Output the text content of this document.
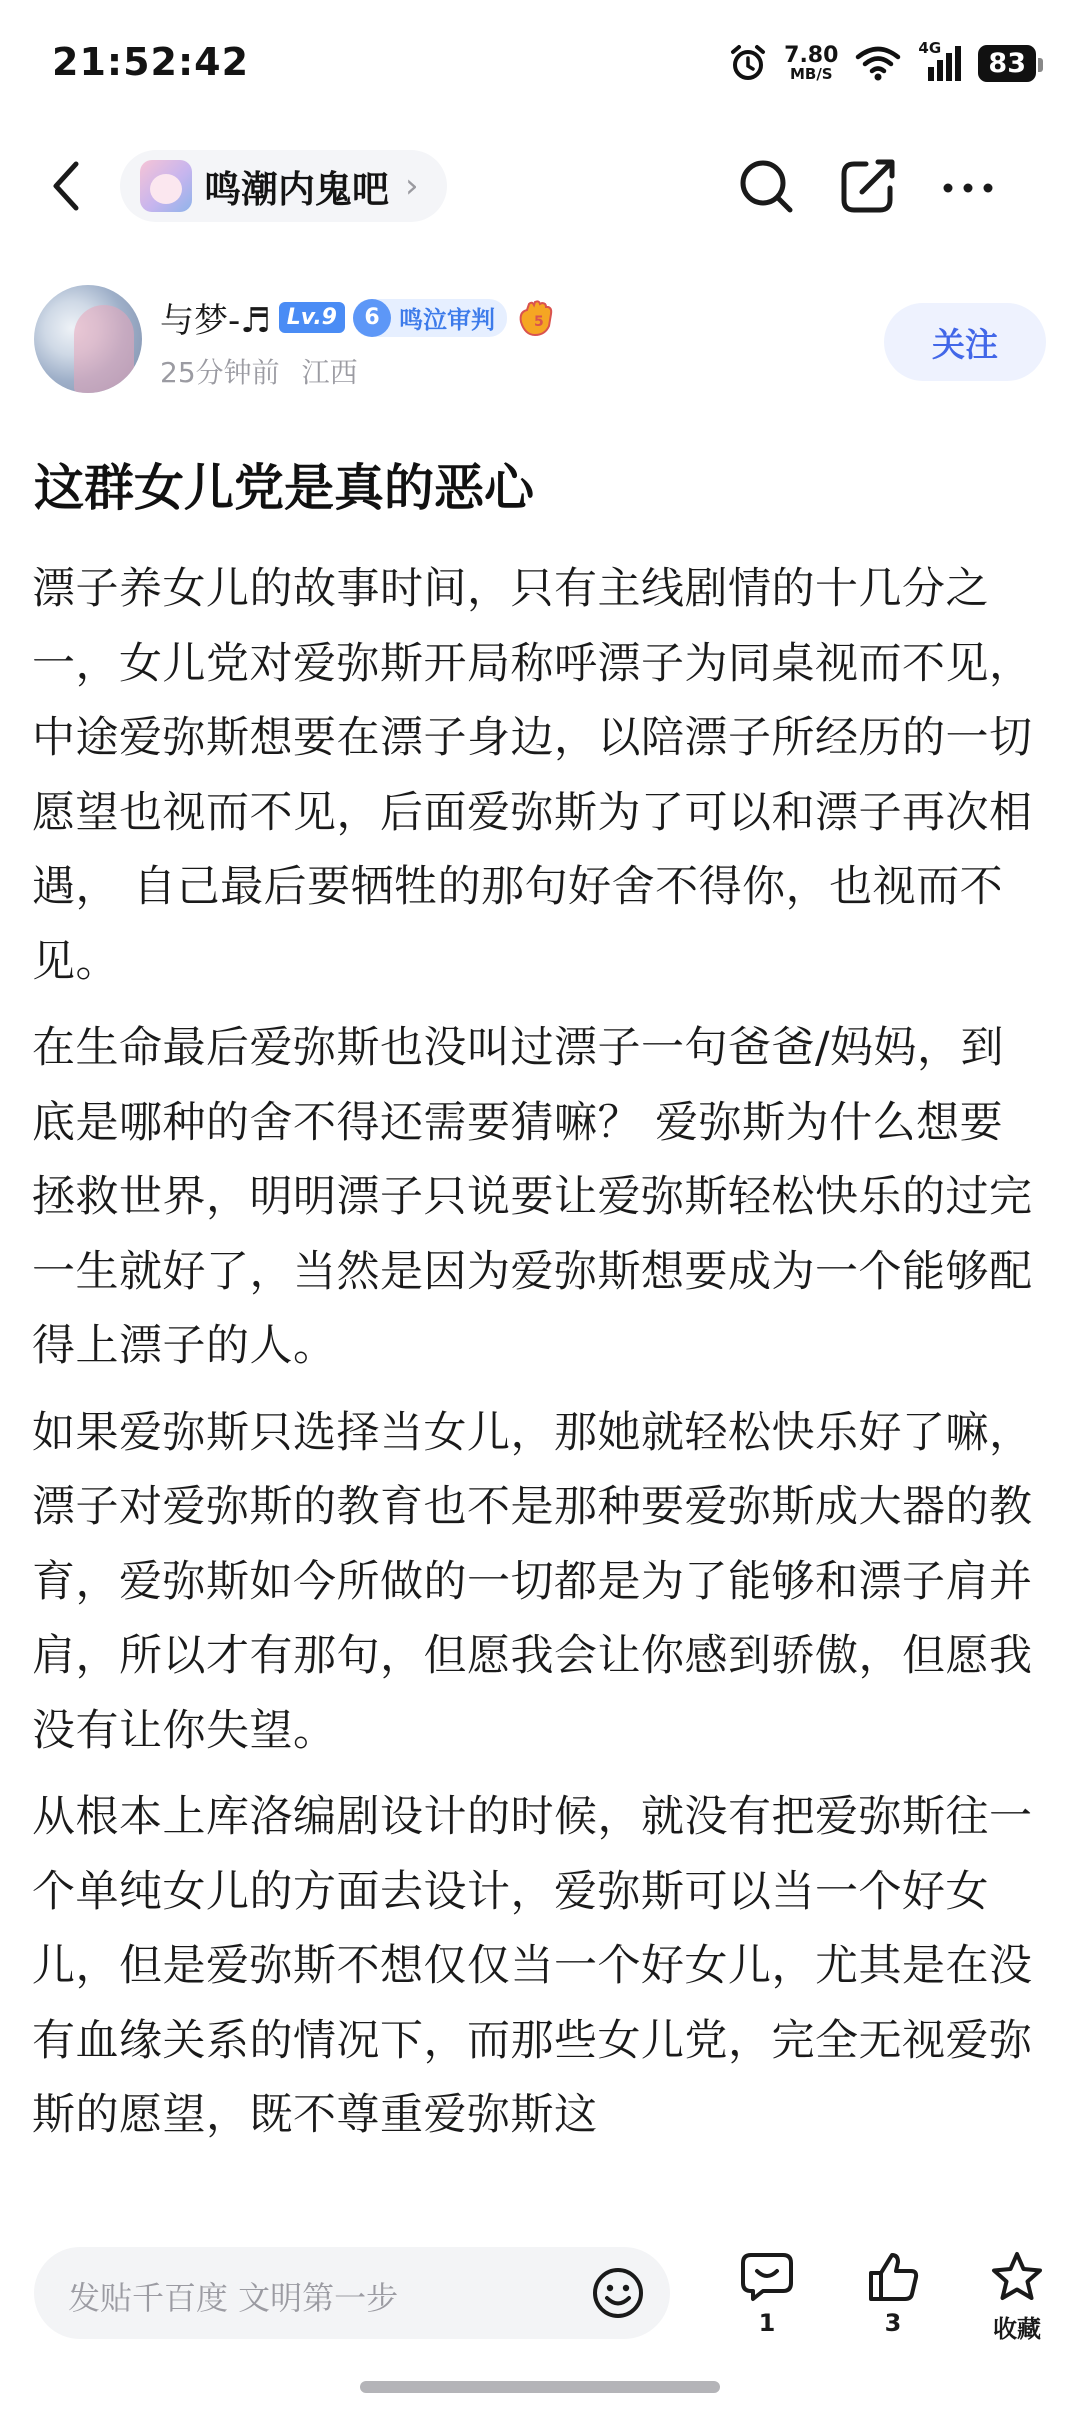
21:52:42	7.80
MB/S
4G	83
鸣潮内鬼吧 ›
与梦-♬ Lv.9	6 鸣泣审判	5
25分钟前 江西
关注
这群女儿党是真的恶心

漂子养女儿的故事时间，只有主线剧情的十几分之一，女儿党对爱弥斯开局称呼漂子为同桌视而不见，中途爱弥斯想要在漂子身边，以陪漂子所经历的一切愿望也视而不见，后面爱弥斯为了可以和漂子再次相遇， 自己最后要牺牲的那句好舍不得你，也视而不见。

在生命最后爱弥斯也没叫过漂子一句爸爸/妈妈，到底是哪种的舍不得还需要猜嘛？ 爱弥斯为什么想要拯救世界，明明漂子只说要让爱弥斯轻松快乐的过完一生就好了，当然是因为爱弥斯想要成为一个能够配得上漂子的人。

如果爱弥斯只选择当女儿，那她就轻松快乐好了嘛，漂子对爱弥斯的教育也不是那种要爱弥斯成大器的教育，爱弥斯如今所做的一切都是为了能够和漂子肩并肩，所以才有那句，但愿我会让你感到骄傲，但愿我没有让你失望。

从根本上库洛编剧设计的时候，就没有把爱弥斯往一个单纯女儿的方面去设计，爱弥斯可以当一个好女儿，但是爱弥斯不想仅仅当一个好女儿，尤其是在没有血缘关系的情况下，而那些女儿党，完全无视爱弥斯的愿望，既不尊重爱弥斯这

发贴千百度 文明第一步
1	3	收藏
